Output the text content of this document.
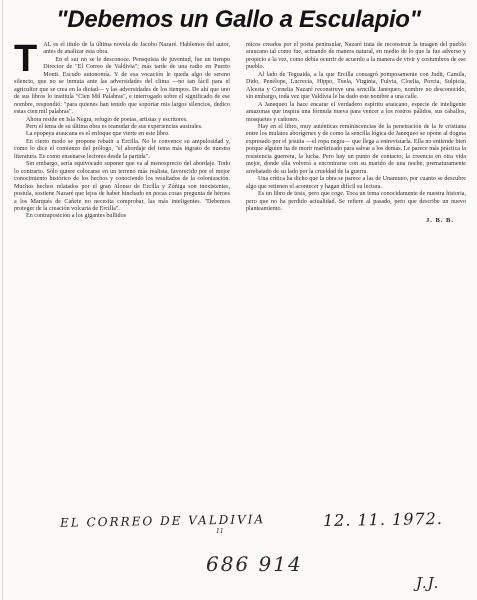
"Debemos un Gallo a Esculapio"
T AL es el titulo de la última novela de Jacobo Nazaré. Hablemos del autor, antes de analizar esta obra.

En el sur no se le desconoce. Pensquista de juventud, fue un tiempo Director de "El Correo de Valdivia"; más tarde de una radio en Puerto Montt. Escudo autonomía. Y de esa vocación le queda algo de sereno silencio, que no se inmuta ante las adversidades del clima —no tan fácil para el agricultor que se crea en la dictad— y las adversidades de los tiempos. De ahí que uno de sus libros lo institula "Cien Mil Palabras", e interrogado sobre el significado de ese nombre, respondió: "para quienes han tenido que soportar mis largos silencios, dedico estas cien mil palabras".

Ahora reside en Isla Negra, refugio de poetas, artistas y escritores.

Pero el tema de su última obra es reanudar de sus experiencias australes.

La epopeya araucana es el enfoque que vierte en este libro.

En cierto modo se propone rebatir a Ercilla. No le convence su ampulosidad y, como lo dice el comienzo del prólogo, "el abordaje del tema más ingrato de nuestra literatura. Es como ensenarse lectores desde la partida".

Sin embargo, sería equivocado suponer que va al menosprecio del abordaje. Todo lo contrario. Sólo quiere colocarse en un terreno más realista, favorecido por el mejor conocimiento histórico de los hechos y conociendo los resultados de la colonización. Muchos hechos relatados por el gran Alonso de Ercilla y Zúñiga son inexistentes, postula, sostiene Nazaré que lejos de haber hinchado en pocas cosas pregunta de héroes a los Marqués de Cañete no necesita comprobar, las más inteligentes. "Debemos proteger de la creación volcaria de Ercilla".

En contraposición a los gigantes bullidos

micos creados por el poeta peninsular, Nazaré trata de reconstruir la imagen del pueblo araucano tal como fue, actuando de manera natural, en medio de lo que la fue adverso y propicio a la vez, como debía ocurrir de acuerdo a la manera de vivir y costumbres de ese pueblo.

Al lado de Teguaida, a la que Ercilla consagró pomposamente con Judit, Camila, Dido, Penélope, Lucrecia, Hippo, Tuela, Virginia, Fulvia, Cloelia, Porcia, Sulpicia, Alcesta y Cornelia Nazaré reconstruye una sencilla Janequeo, nombre no desconocido, sin embargo, toda vez que Valdivia le ha dado este nombre a una calle.

A Janequeo la hace encarar el verdadero espíritu araucano, especie de inteligente amazonas que inspira una fórmula nueva para vencer a los rostros pálidos, sus caballos, mosquetes y cañones.

Hay en el libro, muy auténticas reminiscencias de la penetración de la fe cristiana entre los mulatos aborígenes y de como la sencilla lógica de Janequeo se opone al dogma expresado por el jesuita —el ropa negra— que llega a entrevistarla. Ella no entiende bien porque alguien ha de morir martirizado para salvar a los demás. Le parece más práctica la resistencia guerrera, la lucha. Pero hay un punto de contacto; la creencia en otra vida mejor, donde ella volverá a encontrarse con su marido de una noche, prematuramente arrebatado de su lado por la crueldad de la guerra.

Una crítica ha dicho que la obra se parece a las de Unamuno, por cuanto se descubre algo que retienen el acontecer y hagan difícil su lectura.

Es un libro de tesis, pero que coge. Toca un tema conocidamente de nuestra historia, pero que no ha perdido actualidad. Se refiere al pasado, pero que describe un nuevo planteamiento.

J. B. B.
EL CORREO DE VALDIVIA
11
12. 11. 1972.
686 914
J.J.
